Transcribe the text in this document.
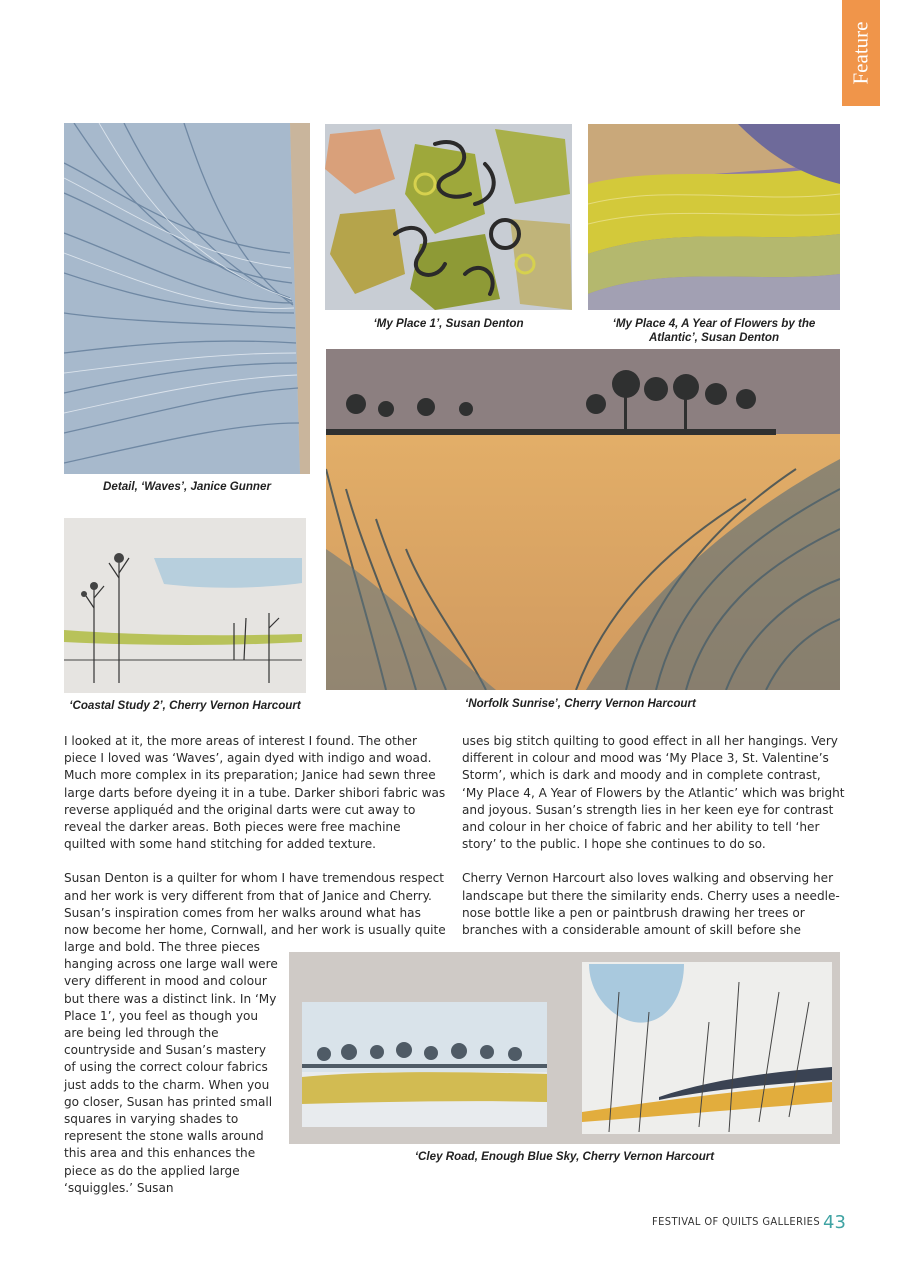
Feature
Detail, ‘Waves’, Janice Gunner
‘My Place 1’, Susan Denton	‘My Place 4, A Year of Flowers by the Atlantic’, Susan Denton
‘Norfolk Sunrise’, Cherry Vernon Harcourt
‘Coastal Study 2’, Cherry Vernon Harcourt

I looked at it, the more areas of interest I found. The other piece I loved was ‘Waves’, again dyed with indigo and woad. Much more complex in its preparation; Janice had sewn three large darts before dyeing it in a tube. Darker shibori fabric was reverse appliquéd and the original darts were cut away to reveal the darker areas. Both pieces were free machine quilted with some hand stitching for added texture.

Susan Denton is a quilter for whom I have tremendous respect and her work is very different from that of Janice and Cherry. Susan’s inspiration comes from her walks around what has now become her home, Cornwall, and her work is usually quite

large and bold. The three pieces hanging across one large wall were very different in mood and colour but there was a distinct link. In ‘My Place 1’, you feel as though you are being led through the countryside and Susan’s mastery of using the correct colour fabrics just adds to the charm. When you go closer, Susan has printed small squares in varying shades to represent the stone walls around this area and this enhances the piece as do the applied large ‘squiggles.’ Susan

uses big stitch quilting to good effect in all her hangings. Very different in colour and mood was ‘My Place 3, St. Valentine’s Storm’, which is dark and moody and in complete contrast, ‘My Place 4, A Year of Flowers by the Atlantic’ which was bright and joyous. Susan’s strength lies in her keen eye for contrast and colour in her choice of fabric and her ability to tell ‘her story’ to the public. I hope she continues to do so.

Cherry Vernon Harcourt also loves walking and observing her landscape but there the similarity ends. Cherry uses a needle-nose bottle like a pen or paintbrush drawing her trees or branches with a considerable amount of skill before she

‘Cley Road, Enough Blue Sky, Cherry Vernon Harcourt
FESTIVAL OF QUILTS GALLERIES 43
